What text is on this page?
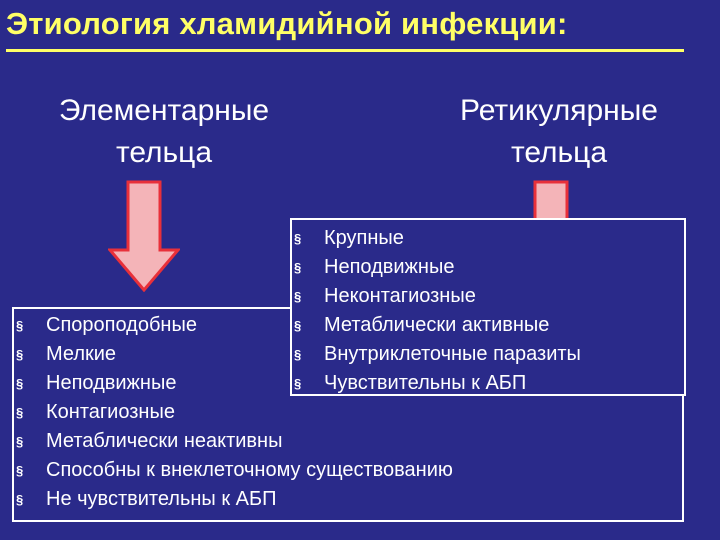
Этиология хламидийной инфекции:
Элементарные
тельца
Ретикулярные
тельца
§ Спороподобные
§ Мелкие
§ Неподвижные
§ Контагиозные
§ Метаблически неактивны
§ Способны к внеклеточному существованию
§ Не чувствительны к АБП
§ Крупные
§ Неподвижные
§ Неконтагиозные
§ Метаблически активные
§ Внутриклеточные паразиты
§ Чувствительны к АБП
